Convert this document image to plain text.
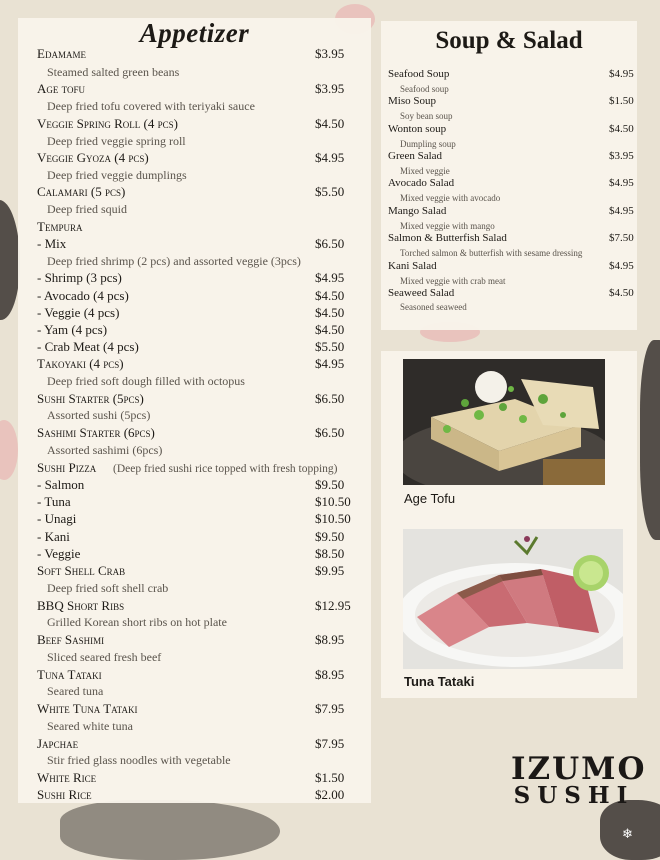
Appetizer
Edamame	$3.95
Steamed salted green beans
Age tofu	$3.95
Deep fried tofu covered with teriyaki sauce
Veggie Spring Roll (4 pcs)	$4.50
Deep fried veggie spring roll
Veggie Gyoza (4 pcs)	$4.95
Deep fried veggie dumplings
Calamari (5 pcs)	$5.50
Deep fried squid
Tempura
- Mix	$6.50
Deep fried shrimp (2 pcs) and assorted veggie (3pcs)
- Shrimp (3 pcs)	$4.95
- Avocado (4 pcs)	$4.50
- Veggie (4 pcs)	$4.50
- Yam (4 pcs)	$4.50
- Crab Meat (4 pcs)	$5.50
Takoyaki (4 pcs)	$4.95
Deep fried soft dough filled with octopus
Sushi Starter (5pcs)	$6.50
Assorted sushi (5pcs)
Sashimi Starter (6pcs)	$6.50
Assorted sashimi (6pcs)
Sushi Pizza (Deep fried sushi rice topped with fresh topping)
- Salmon	$9.50
- Tuna	$10.50
- Unagi	$10.50
- Kani	$9.50
- Veggie	$8.50
Soft Shell Crab	$9.95
Deep fried soft shell crab
BBQ Short Ribs	$12.95
Grilled Korean short ribs on hot plate
Beef Sashimi	$8.95
Sliced seared fresh beef
Tuna Tataki	$8.95
Seared tuna
White Tuna Tataki	$7.95
Seared white tuna
Japchae	$7.95
Stir fried glass noodles with vegetable
White Rice	$1.50
Sushi Rice	$2.00
Soup & Salad
Seafood Soup	$4.95
Seafood soup
Miso Soup	$1.50
Soy bean soup
Wonton soup	$4.50
Dumpling soup
Green Salad	$3.95
Mixed veggie
Avocado Salad	$4.95
Mixed veggie with avocado
Mango Salad	$4.95
Mixed veggie with mango
Salmon & Butterfish Salad	$7.50
Torched salmon & butterfish with sesame dressing
Kani Salad	$4.95
Mixed veggie with crab meat
Seaweed Salad	$4.50
Seasoned seaweed
Age Tofu
Tuna Tataki
IZUMO
SUSHI
❄
